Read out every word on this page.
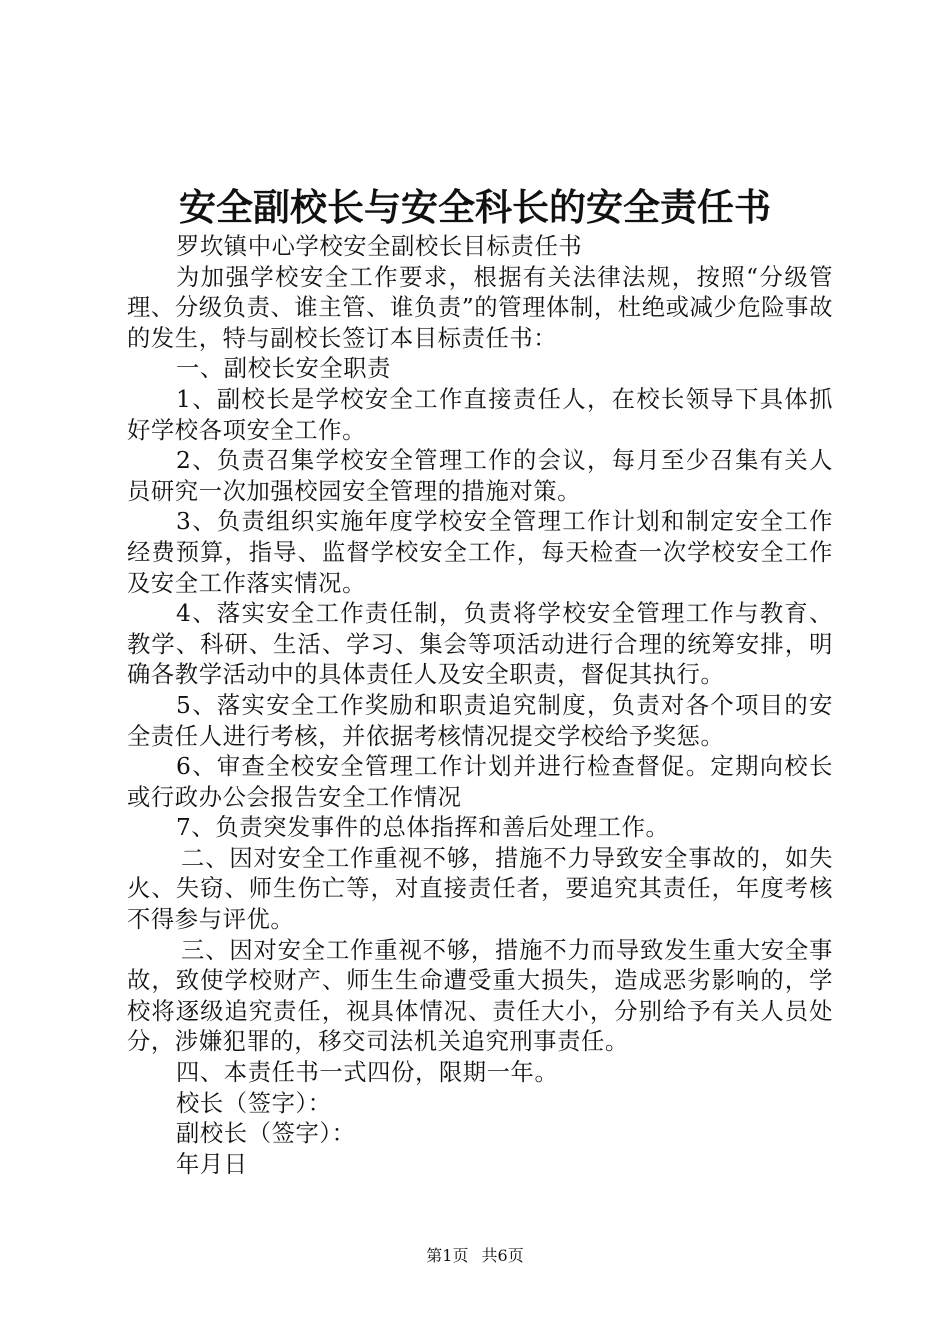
安全副校长与安全科长的安全责任书

罗坎镇中心学校安全副校长目标责任书

为加强学校安全工作要求，根据有关法律法规，按照“分级管理、分级负责、谁主管、谁负责”的管理体制，杜绝或减少危险事故的发生，特与副校长签订本目标责任书：

一、副校长安全职责

1、副校长是学校安全工作直接责任人，在校长领导下具体抓好学校各项安全工作。

2、负责召集学校安全管理工作的会议，每月至少召集有关人员研究一次加强校园安全管理的措施对策。

3、负责组织实施年度学校安全管理工作计划和制定安全工作经费预算，指导、监督学校安全工作，每天检查一次学校安全工作及安全工作落实情况。

4、落实安全工作责任制，负责将学校安全管理工作与教育、教学、科研、生活、学习、集会等项活动进行合理的统筹安排，明确各教学活动中的具体责任人及安全职责，督促其执行。

5、落实安全工作奖励和职责追究制度，负责对各个项目的安全责任人进行考核，并依据考核情况提交学校给予奖惩。

6、审查全校安全管理工作计划并进行检查督促。定期向校长或行政办公会报告安全工作情况

7、负责突发事件的总体指挥和善后处理工作。

二、因对安全工作重视不够，措施不力导致安全事故的，如失火、失窃、师生伤亡等，对直接责任者，要追究其责任，年度考核不得参与评优。

三、因对安全工作重视不够，措施不力而导致发生重大安全事故，致使学校财产、师生生命遭受重大损失，造成恶劣影响的，学校将逐级追究责任，视具体情况、责任大小，分别给予有关人员处分，涉嫌犯罪的，移交司法机关追究刑事责任。

四、本责任书一式四份，限期一年。

校长（签字）：

副校长（签字）：

年月日

第1页 共6页
